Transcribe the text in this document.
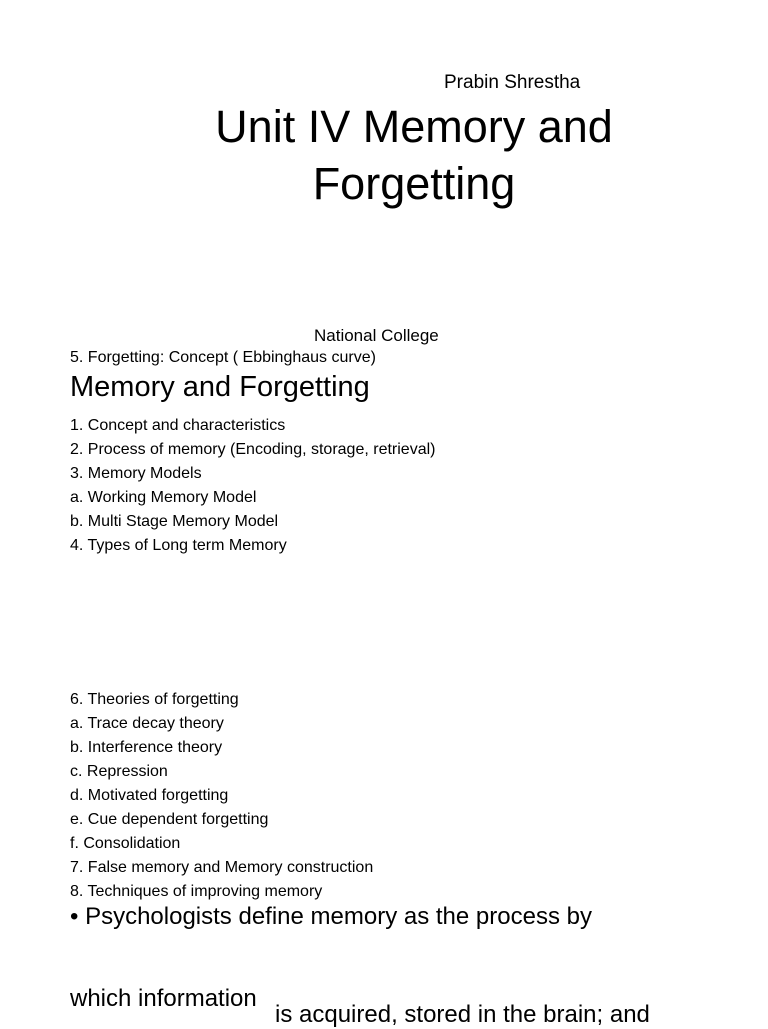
Prabin Shrestha
Unit IV Memory and
Forgetting
National College
5. Forgetting: Concept ( Ebbinghaus curve)
Memory and Forgetting
1. Concept and characteristics
2. Process of memory (Encoding, storage, retrieval)
3. Memory Models
a. Working Memory Model
b. Multi Stage Memory Model
4. Types of Long term Memory
6. Theories of forgetting
a. Trace decay theory
b. Interference theory
c. Repression
d. Motivated forgetting
e. Cue dependent forgetting
f. Consolidation
7. False memory and Memory construction
8. Techniques of improving memory
• Psychologists define memory as the process by
which information
is acquired, stored in the brain; and
